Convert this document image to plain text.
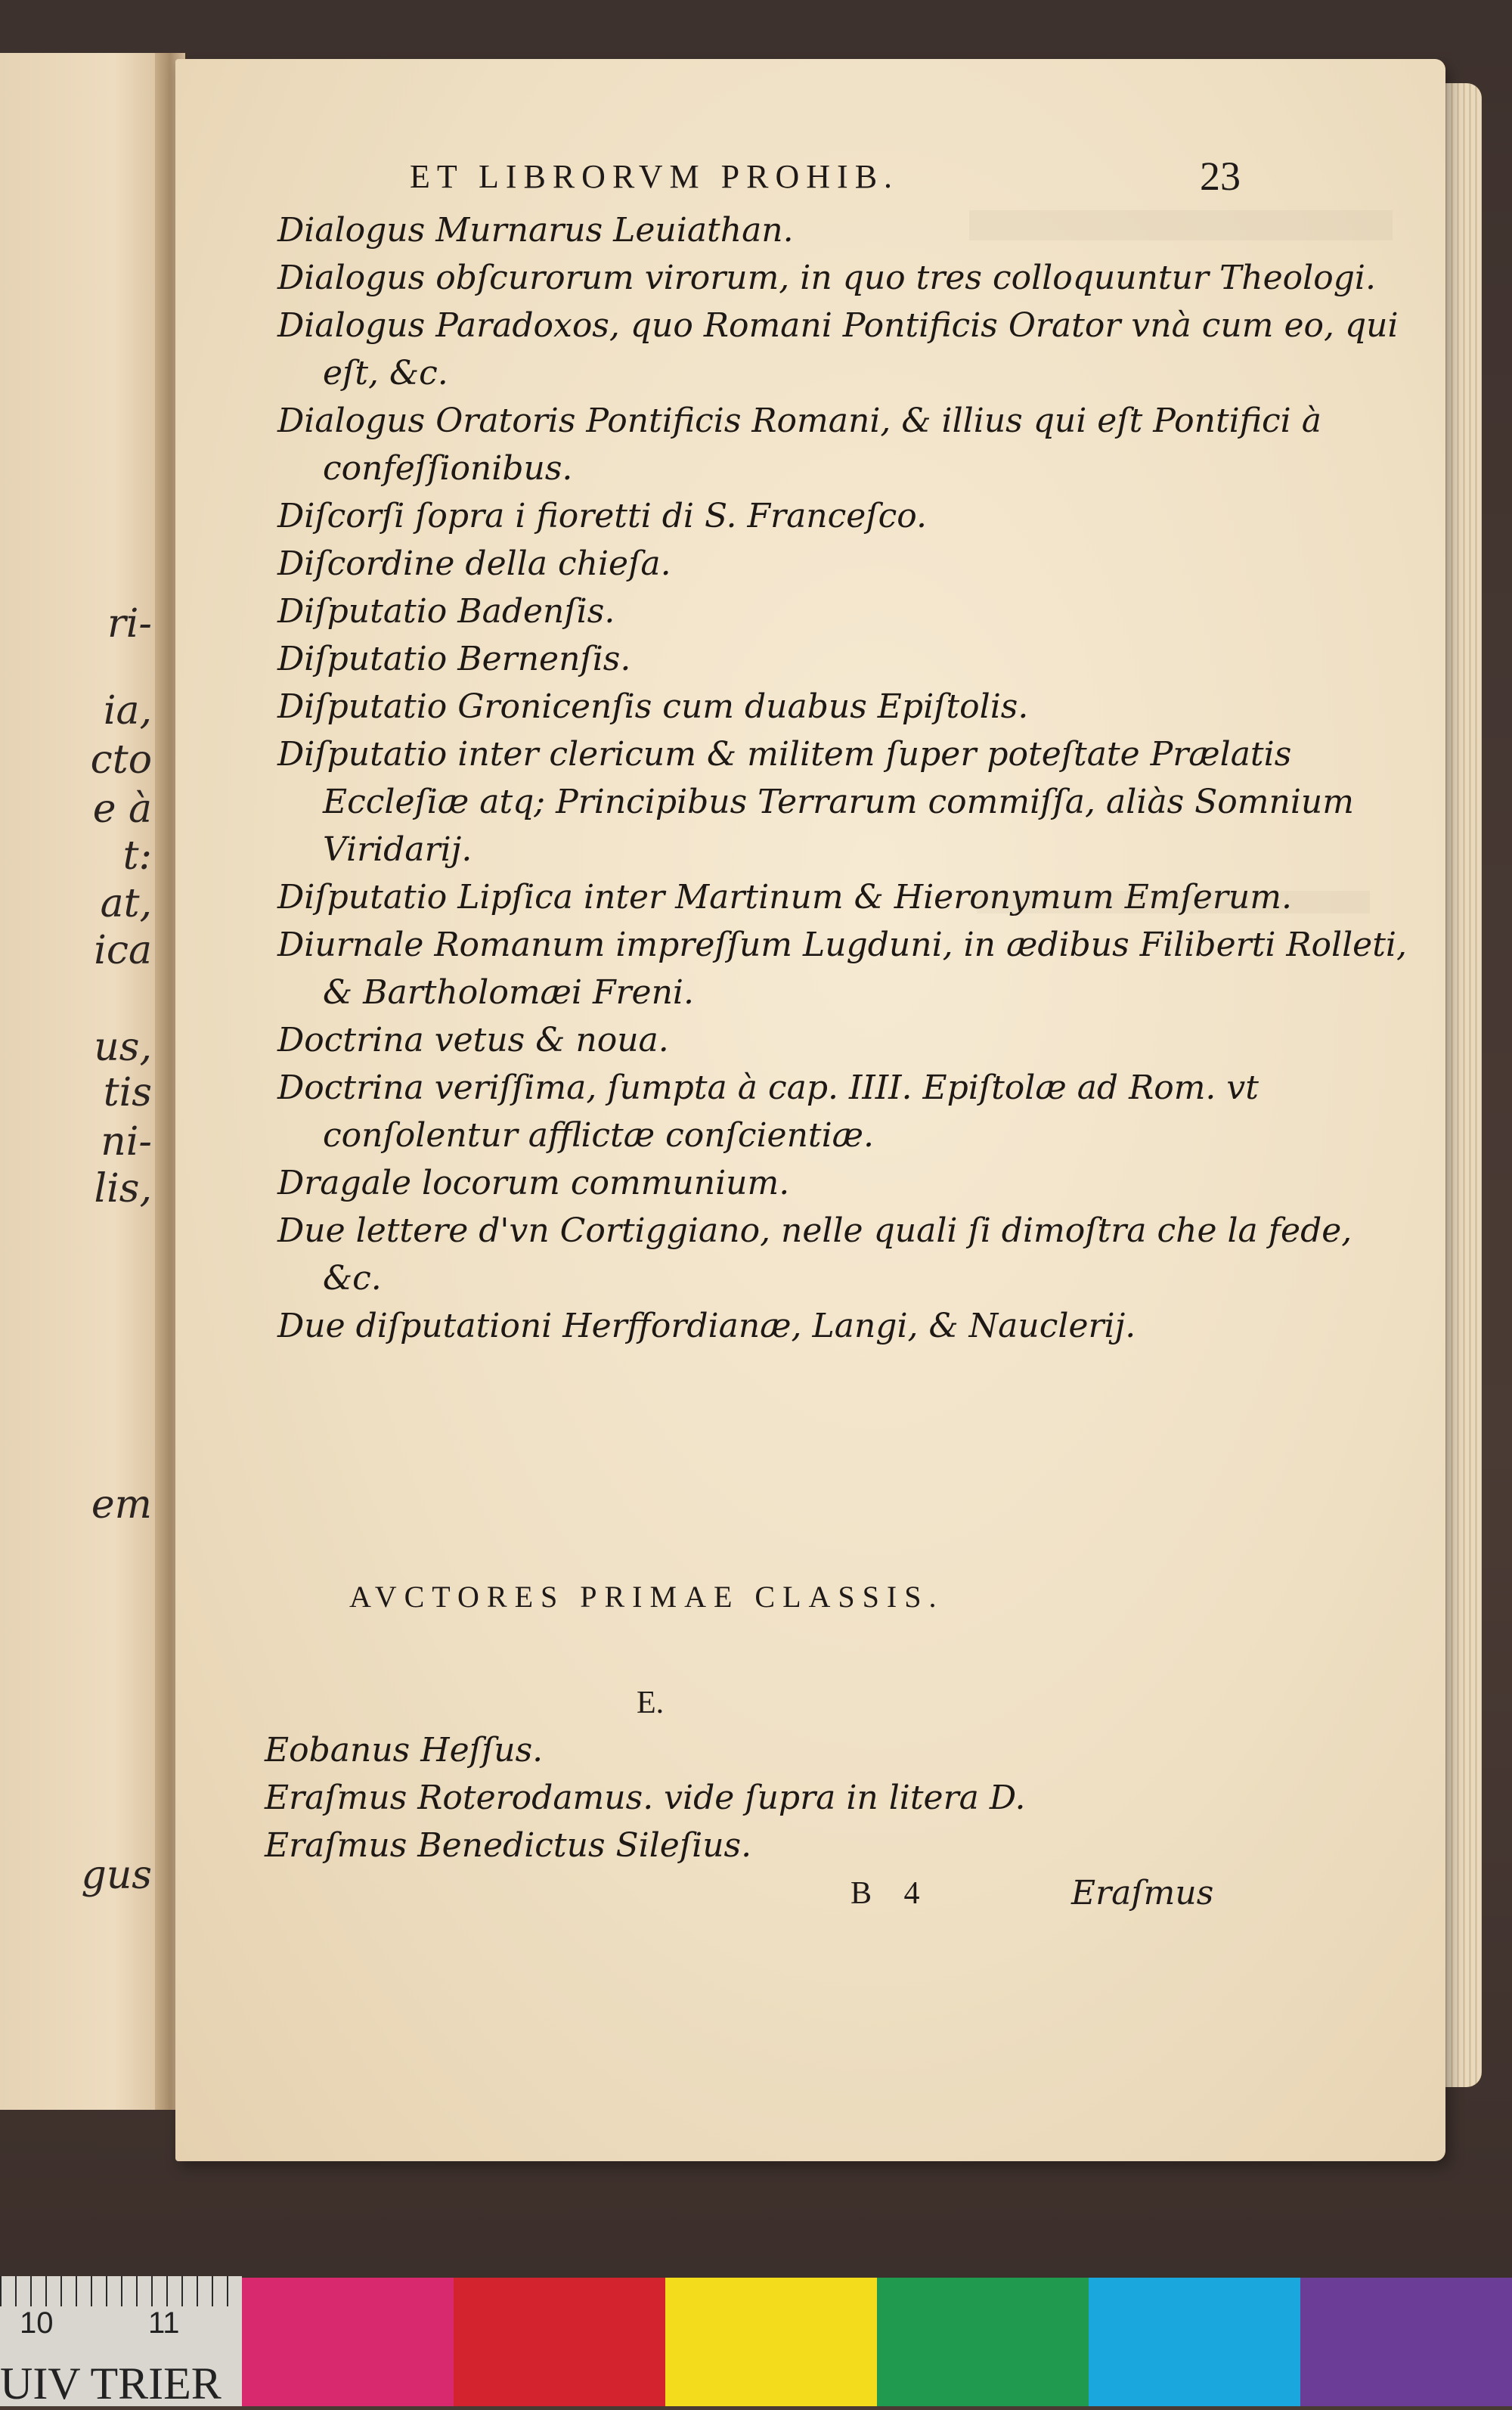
ri-
ia,
cto
e à
t:
at,
ica
us,
tis
ni-
lis,
em
gus
ET LIBRORVM PROHIB.	23
Dialogus Murnarus Leuiathan.
Dialogus obſcurorum virorum, in quo tres colloquuntur Theologi.
Dialogus Paradoxos, quo Romani Pontificis Orator vnà cum eo, qui eſt, &c.
Dialogus Oratoris Pontificis Romani, & illius qui eſt Pontifici à confeſſionibus.
Diſcorſi ſopra i fioretti di S. Franceſco.
Diſcordine della chieſa.
Diſputatio Badenſis.
Diſputatio Bernenſis.
Diſputatio Gronicenſis cum duabus Epiſtolis.
Diſputatio inter clericum & militem ſuper poteſtate Prælatis Eccleſiæ atq; Principibus Terrarum commiſſa, aliàs Somnium Viridarij.
Diſputatio Lipſica inter Martinum & Hieronymum Emſerum.
Diurnale Romanum impreſſum Lugduni, in ædibus Filiberti Rolleti, & Bartholomæi Freni.
Doctrina vetus & noua.
Doctrina veriſſima, ſumpta à cap. IIII. Epiſtolæ ad Rom. vt conſolentur afflictæ conſcientiæ.
Dragale locorum communium.
Due lettere d'vn Cortiggiano, nelle quali ſi dimoſtra che la fede, &c.
Due diſputationi Herffordianæ, Langi, & Nauclerij.
AVCTORES PRIMAE CLASSIS.
E.
Eobanus Heſſus.
Eraſmus Roterodamus. vide ſupra in litera D.
Eraſmus Benedictus Sileſius.
B 4	Eraſmus
10	11
UIV TRIER
